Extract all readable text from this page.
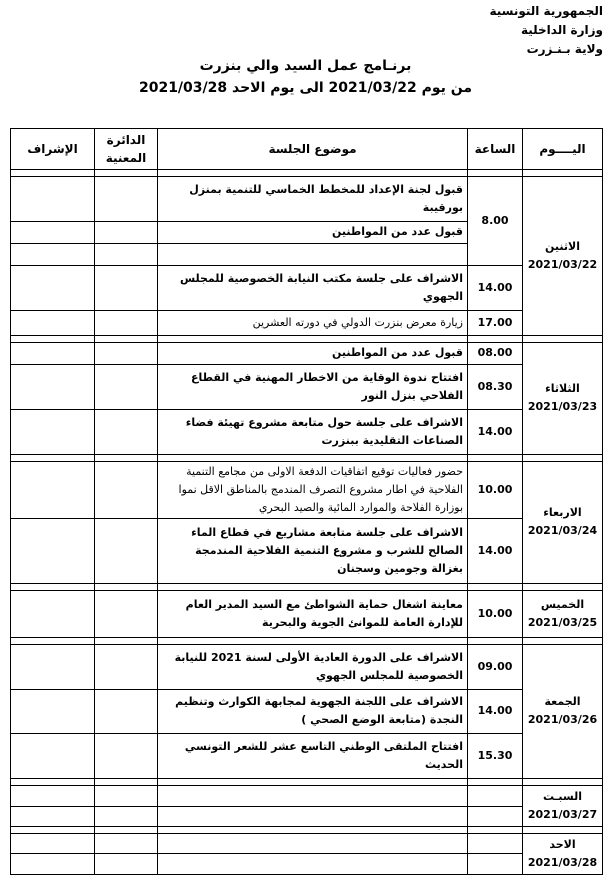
الجمهورية التونسية
وزارة الداخلية
ولاية بـنـزرت
برنـامج عمل السيد والي بنزرت
من يوم 2021/03/22 الى يوم الاحد 2021/03/28
اليــــوم	الساعة	موضوع الجلسة	الدائرة المعنية	الإشراف

الاثنين
2021/03/22	8.00	قبول لجنة الإعداد للمخطط الخماسي للتنمية بمنزل بورقيبة		
		قبول عدد من المواطنين		

	14.00	الاشراف على جلسة مكتب النيابة الخصوصية للمجلس الجهوي		
	17.00	زيارة معرض بنزرت الدولي في دورته العشرين		

الثلاثاء
2021/03/23	08.00	قبول عدد من المواطنين		
	08.30	افتتاح ندوة الوقاية من الاخطار المهنية في القطاع الفلاحي بنزل النور		
	14.00	الاشراف على جلسة حول متابعة مشروع تهيئة فضاء الصناعات التقليدية ببنزرت		

الاربعاء
2021/03/24	10.00	حضور فعاليات توقيع اتفاقيات الدفعة الاولى من مجامع التنمية الفلاحية في اطار مشروع التصرف المندمج بالمناطق الاقل نموا بوزارة الفلاحة والموارد المائية والصيد البحري		
	14.00	الاشراف على جلسة متابعة مشاريع في قطاع الماء الصالح للشرب و مشروع التنمية الفلاحية المندمجة بغزالة وجومين وسجنان		

الخميس
2021/03/25	10.00	معاينة اشغال حماية الشواطئ مع السيد المدير العام للإدارة العامة للموانئ الجوية والبحرية		

الجمعة
2021/03/26	09.00	الاشراف على الدورة العادية الأولى لسنة 2021 للنيابة الخصوصية للمجلس الجهوي		
	14.00	الاشراف على اللجنة الجهوية لمجابهة الكوارث وتنظيم النجدة (متابعة الوضع الصحي )		
	15.30	افتتاح الملتقى الوطني التاسع عشر للشعر التونسي الحديث		

السبـت
2021/03/27				

الاحد
2021/03/28				
